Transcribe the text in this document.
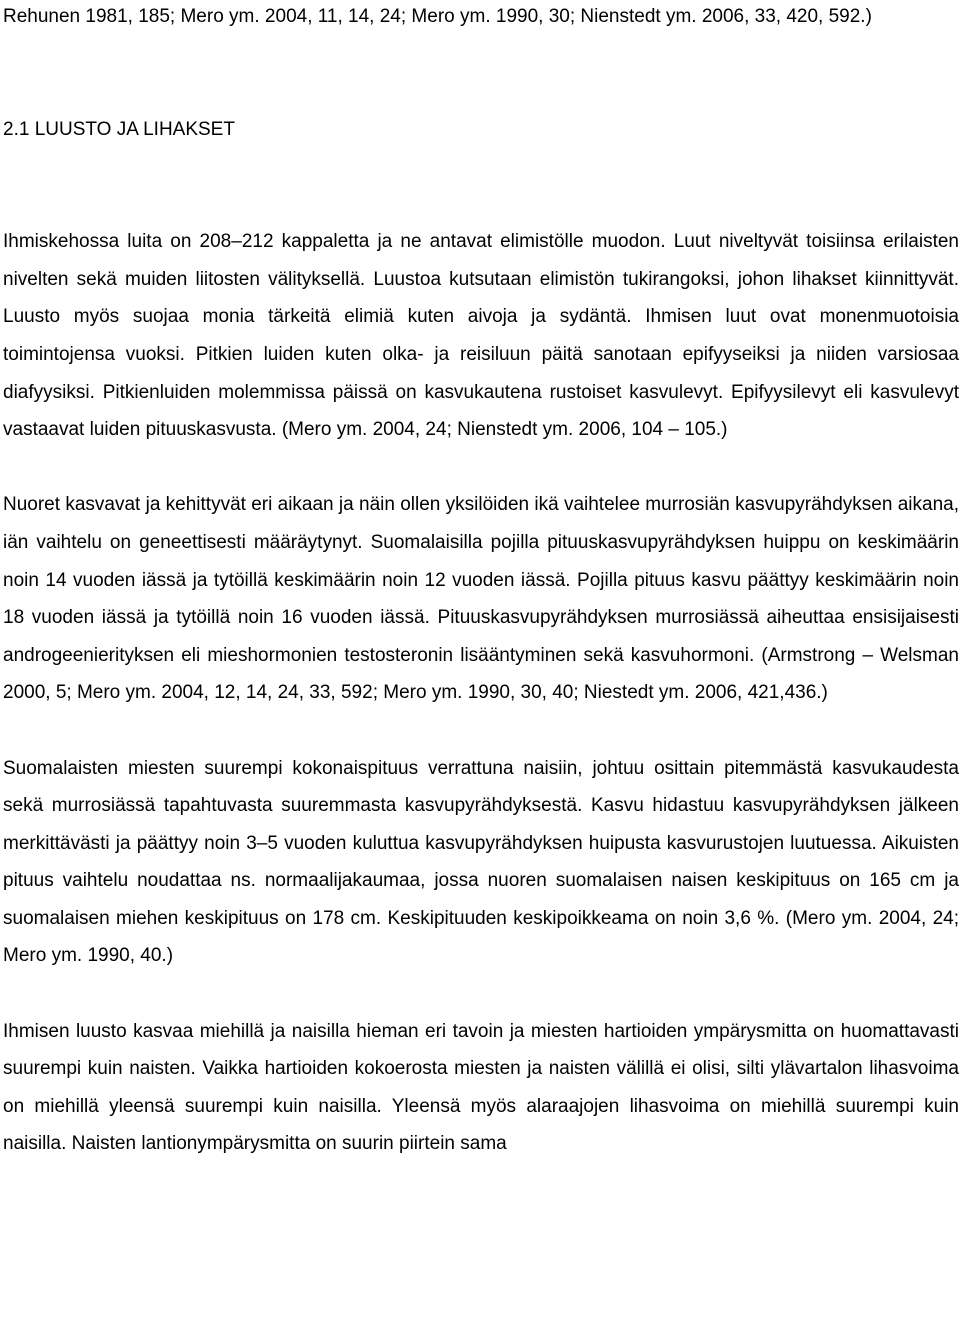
Rehunen 1981, 185; Mero ym. 2004, 11, 14, 24; Mero ym. 1990, 30; Nienstedt ym. 2006, 33, 420, 592.)

2.1 LUUSTO JA LIHAKSET

Ihmiskehossa luita on 208–212 kappaletta ja ne antavat elimistölle muodon. Luut niveltyvät toisiinsa erilaisten nivelten sekä muiden liitosten välityksellä. Luustoa kutsutaan elimistön tukirangoksi, johon lihakset kiinnittyvät. Luusto myös suojaa monia tärkeitä elimiä kuten aivoja ja sydäntä. Ihmisen luut ovat monenmuotoisia toimintojensa vuoksi. Pitkien luiden kuten olka- ja reisiluun päitä sanotaan epifyyseiksi ja niiden varsiosaa diafyysiksi. Pitkienluiden molemmissa päissä on kasvukautena rustoiset kasvulevyt. Epifyysilevyt eli kasvulevyt vastaavat luiden pituuskasvusta. (Mero ym. 2004, 24; Nienstedt ym. 2006, 104 – 105.)

Nuoret kasvavat ja kehittyvät eri aikaan ja näin ollen yksilöiden ikä vaihtelee murrosiän kasvupyrähdyksen aikana, iän vaihtelu on geneettisesti määräytynyt. Suomalaisilla pojilla pituuskasvupyrähdyksen huippu on keskimäärin noin 14 vuoden iässä ja tytöillä keskimäärin noin 12 vuoden iässä. Pojilla pituus kasvu päättyy keskimäärin noin 18 vuoden iässä ja tytöillä noin 16 vuoden iässä. Pituuskasvupyrähdyksen murrosiässä aiheuttaa ensisijaisesti androgeenierityksen eli mieshormonien testosteronin lisääntyminen sekä kasvuhormoni. (Armstrong – Welsman 2000, 5; Mero ym. 2004, 12, 14, 24, 33, 592; Mero ym. 1990, 30, 40; Niestedt ym. 2006, 421,436.)

Suomalaisten miesten suurempi kokonaispituus verrattuna naisiin, johtuu osittain pitemmästä kasvukaudesta sekä murrosiässä tapahtuvasta suuremmasta kasvupyrähdyksestä. Kasvu hidastuu kasvupyrähdyksen jälkeen merkittävästi ja päättyy noin 3–5 vuoden kuluttua kasvupyrähdyksen huipusta kasvurustojen luutuessa. Aikuisten pituus vaihtelu noudattaa ns. normaalijakaumaa, jossa nuoren suomalaisen naisen keskipituus on 165 cm ja suomalaisen miehen keskipituus on 178 cm. Keskipituuden keskipoikkeama on noin 3,6 %. (Mero ym. 2004, 24; Mero ym. 1990, 40.)

Ihmisen luusto kasvaa miehillä ja naisilla hieman eri tavoin ja miesten hartioiden ympärysmitta on huomattavasti suurempi kuin naisten. Vaikka hartioiden kokoerosta miesten ja naisten välillä ei olisi, silti ylävartalon lihasvoima on miehillä yleensä suurempi kuin naisilla. Yleensä myös alaraajojen lihasvoima on miehillä suurempi kuin naisilla. Naisten lantionympärysmitta on suurin piirtein sama
